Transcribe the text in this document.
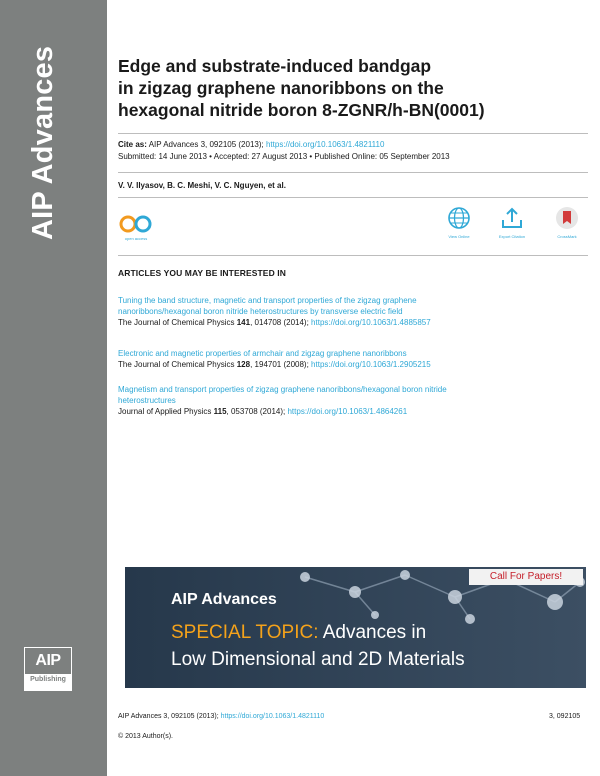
AIP Advances
AIP
Publishing
Edge and substrate-induced bandgap
in zigzag graphene nanoribbons on the
hexagonal nitride boron 8-ZGNR/h-BN(0001)
Cite as: AIP Advances 3, 092105 (2013); https://doi.org/10.1063/1.4821110
Submitted: 14 June 2013 • Accepted: 27 August 2013 • Published Online: 05 September 2013
V. V. Ilyasov, B. C. Meshi, V. C. Nguyen, et al.
open access	View Online	Export Citation	CrossMark
ARTICLES YOU MAY BE INTERESTED IN
Tuning the band structure, magnetic and transport properties of the zigzag graphene
nanoribbons/hexagonal boron nitride heterostructures by transverse electric field
The Journal of Chemical Physics 141, 014708 (2014); https://doi.org/10.1063/1.4885857
Electronic and magnetic properties of armchair and zigzag graphene nanoribbons
The Journal of Chemical Physics 128, 194701 (2008); https://doi.org/10.1063/1.2905215
Magnetism and transport properties of zigzag graphene nanoribbons/hexagonal boron nitride
heterostructures
Journal of Applied Physics 115, 053708 (2014); https://doi.org/10.1063/1.4864261
Call For Papers!
AIP Advances
SPECIAL TOPIC: Advances in
Low Dimensional and 2D Materials
AIP Advances 3, 092105 (2013); https://doi.org/10.1063/1.4821110	3, 092105
© 2013 Author(s).
